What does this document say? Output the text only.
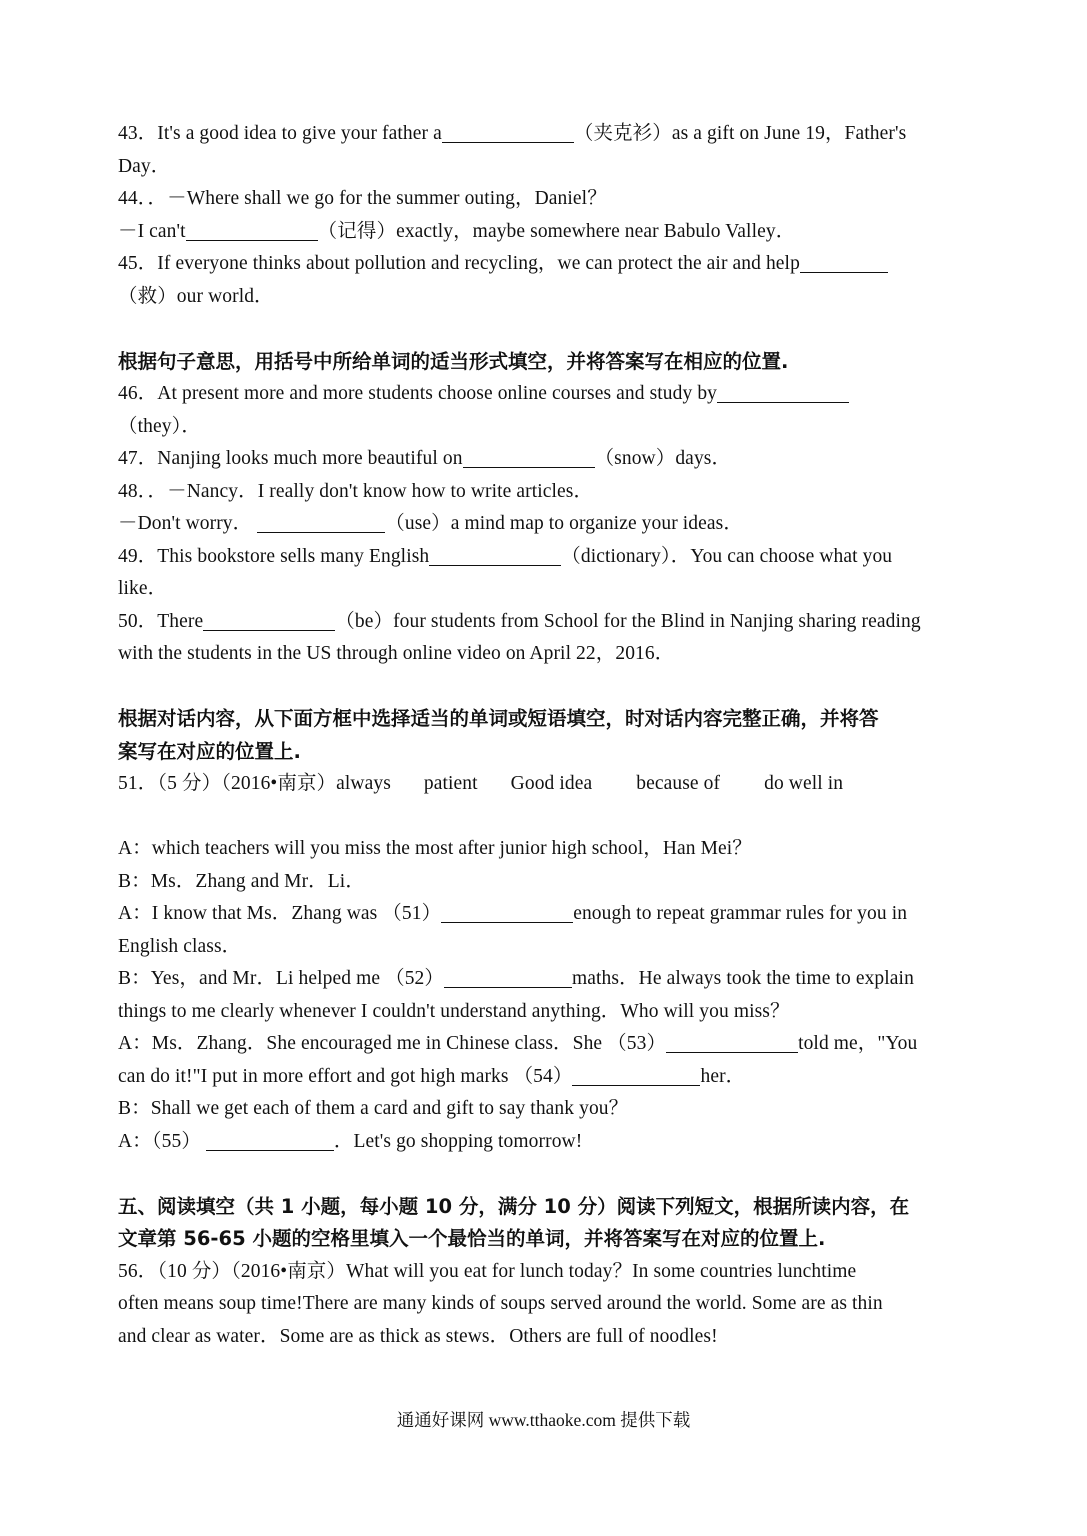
43．It's a good idea to give your father a	（夹克衫）as a gift on June 19，Father's
Day．
44．．－Where shall we go for the summer outing，Daniel？
－I can't	（记得）exactly，maybe somewhere near Babulo Valley．
45．If everyone thinks about pollution and recycling，we can protect the air and help
（救）our world．
根据句子意思，用括号中所给单词的适当形式填空，并将答案写在相应的位置.
46．At present more and more students choose online courses and study by
（they）．
47．Nanjing looks much more beautiful on	（snow）days．
48．．－Nancy．I really don't know how to write articles．
－Don't worry．	（use）a mind map to organize your ideas．
49．This bookstore sells many English	（dictionary）．You can choose what you
like．
50．There	（be）four students from School for the Blind in Nanjing sharing reading
with the students in the US through online video on April 22，2016．
根据对话内容，从下面方框中选择适当的单词或短语填空，时对话内容完整正确，并将答
案写在对应的位置上.
51．（5 分）（2016•南京）always patient Good idea because of do well in
A：which teachers will you miss the most after junior high school，Han Mei？
B：Ms．Zhang and Mr．Li．
A：I know that Ms．Zhang was （51）	enough to repeat grammar rules for you in
English class．
B：Yes，and Mr．Li helped me （52）	maths．He always took the time to explain
things to me clearly whenever I couldn't understand anything．Who will you miss？
A：Ms．Zhang．She encouraged me in Chinese class．She （53）	told me，"You
can do it!"I put in more effort and got high marks （54）	her．
B：Shall we get each of them a card and gift to say thank you？
A：（55）	．Let's go shopping tomorrow!
五、阅读填空（共 1 小题，每小题 10 分，满分 10 分）阅读下列短文，根据所读内容，在
文章第 56-65 小题的空格里填入一个最恰当的单词，并将答案写在对应的位置上.
56．（10 分）（2016•南京）What will you eat for lunch today？In some countries lunchtime
often means soup time!There are many kinds of soups served around the world. Some are as thin
and clear as water．Some are as thick as stews．Others are full of noodles!
通通好课网 www.tthaoke.com 提供下载
